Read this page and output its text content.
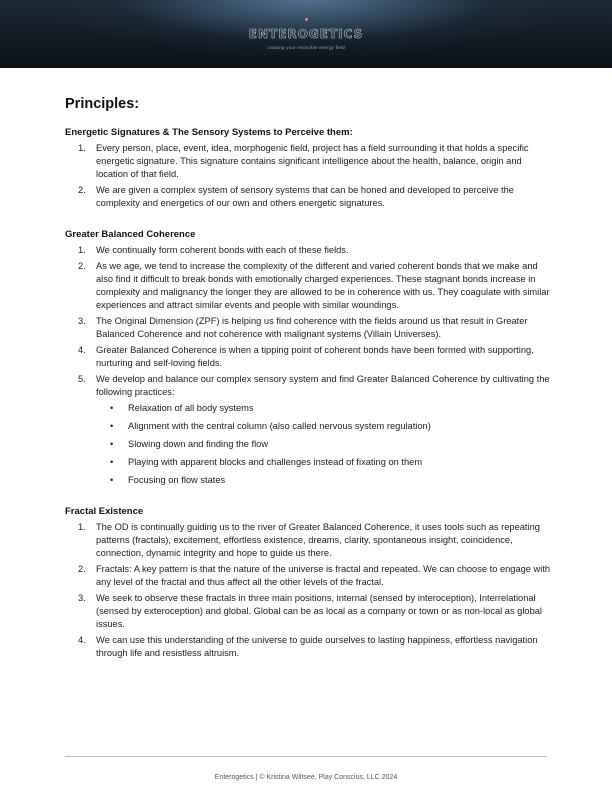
ENTEROGETICS
creating your invincible energy field
Principles:
Energetic Signatures & The Sensory Systems to Perceive them:
1. Every person, place, event, idea, morphogenic field, project has a field surrounding it that holds a specific energetic signature. This signature contains significant intelligence about the health, balance, origin and location of that field.
2. We are given a complex system of sensory systems that can be honed and developed to perceive the complexity and energetics of our own and others energetic signatures.
Greater Balanced Coherence
1. We continually form coherent bonds with each of these fields.
2. As we age, we tend to increase the complexity of the different and varied coherent bonds that we make and also find it difficult to break bonds with emotionally charged experiences. These stagnant bonds increase in complexity and malignancy the longer they are allowed to be in coherence with us. They coagulate with similar experiences and attract similar events and people with similar woundings.
3. The Original Dimension (ZPF) is helping us find coherence with the fields around us that result in Greater Balanced Coherence and not coherence with malignant systems (Villain Universes).
4. Greater Balanced Coherence is when a tipping point of coherent bonds have been formed with supporting, nurturing and self-loving fields.
5. We develop and balance our complex sensory system and find Greater Balanced Coherence by cultivating the following practices:
• Relaxation of all body systems
• Alignment with the central column (also called nervous system regulation)
• Slowing down and finding the flow
• Playing with apparent blocks and challenges instead of fixating on them
• Focusing on flow states
Fractal Existence
1. The OD is continually guiding us to the river of Greater Balanced Coherence, it uses tools such as repeating patterns (fractals), excitement, effortless existence, dreams, clarity, spontaneous insight, coincidence, connection, dynamic integrity and hope to guide us there.
2. Fractals: A key pattern is that the nature of the universe is fractal and repeated. We can choose to engage with any level of the fractal and thus affect all the other levels of the fractal.
3. We seek to observe these fractals in three main positions, internal (sensed by interoception), Interrelational (sensed by exteroception) and global. Global can be as local as a company or town or as non-local as global issues.
4. We can use this understanding of the universe to guide ourselves to lasting happiness, effortless navigation through life and resistless altruism.
Enterogetics | © Kristina Wiltsee, Play Conscius, LLC 2024
